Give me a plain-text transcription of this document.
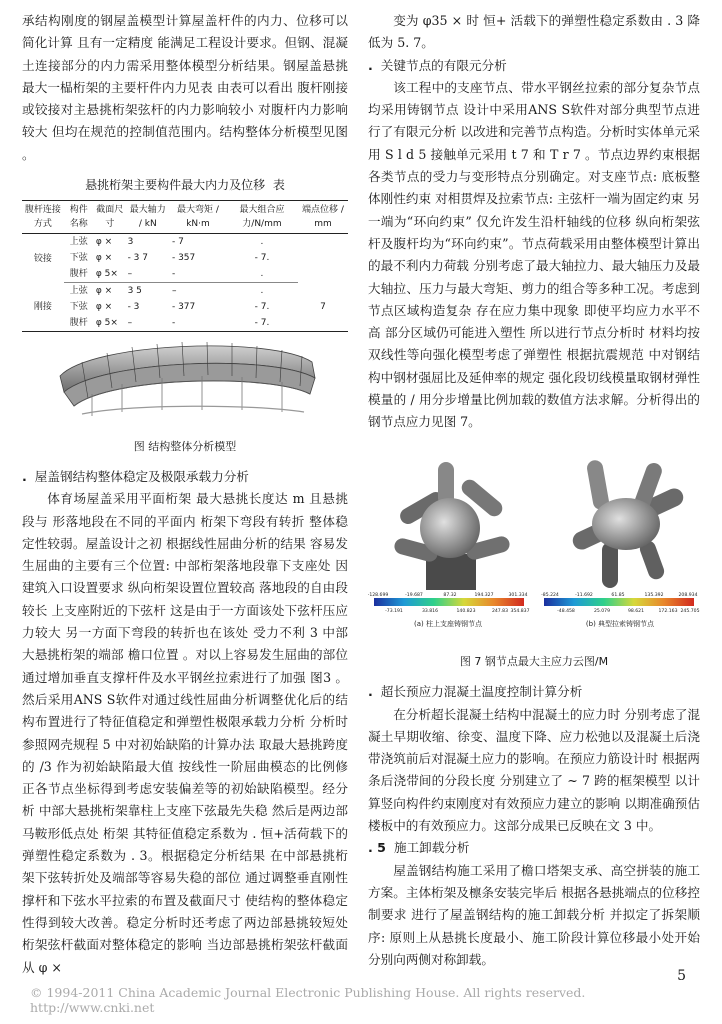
承结构刚度的钢屋盖模型计算屋盖杆件的内力、位移可以简化计算 且有一定精度 能满足工程设计要求。但钢、混凝土连接部分的内力需采用整体模型分析结果。钢屋盖悬挑最大一榀桁架的主要杆件内力见表 由表可以看出 腹杆刚接或铰接对主悬挑桁架弦杆的内力影响较小 对腹杆内力影响较大 但均在规范的控制值范围内。结构整体分析模型见图 。

悬挑桁架主要构件最大内力及位移 表
腹杆连接方式	构件名称	截面尺寸	最大轴力 / kN	最大弯矩 / kN·m	最大组合应力/N/mm	端点位移 / mm
铰接	上弦	φ ×	3	- 7	.	
	下弦	φ ×	- 3 7	- 357	- 7.	
	腹杆	φ 5×	–	-	.	
刚接	上弦	φ ×	3 5	–	.	7
	下弦	φ ×	- 3	- 377	- 7.	
	腹杆	φ 5×	–	-	- 7.	
图 结构整体分析模型

. 屋盖钢结构整体稳定及极限承载力分析

体育场屋盖采用平面桁架 最大悬挑长度达 m 且悬挑段与 形落地段在不同的平面内 桁架下弯段有转折 整体稳定性较弱。屋盖设计之初 根据线性屈曲分析的结果 容易发生屈曲的主要有三个位置: 中部桁架落地段靠下支座处 因建筑入口设置要求 纵向桁架设置位置较高 落地段的自由段较长 上支座附近的下弦杆 这是由于一方面该处下弦杆压应力较大 另一方面下弯段的转折也在该处 受力不利 3 中部大悬挑桁架的端部 檐口位置 。对以上容易发生屈曲的部位通过增加垂直支撑杆件及水平钢丝拉索进行了加强 图3 。然后采用ANS S软件对通过线性屈曲分析调整优化后的结构布置进行了特征值稳定和弹塑性极限承载力分析 分析时参照网壳规程 5 中对初始缺陷的计算办法 取最大悬挑跨度的 /3 作为初始缺陷最大值 按线性一阶屈曲模态的比例修正各节点坐标得到考虑安装偏差等的初始缺陷模型。经分析 中部大悬挑桁架靠柱上支座下弦最先失稳 然后是两边部 马鞍形低点处 桁架 其特征值稳定系数为 . 恒+活荷载下的弹塑性稳定系数为 . 3。根据稳定分析结果 在中部悬挑桁架下弦转折处及端部等容易失稳的部位 通过调整垂直刚性撑杆和下弦水平拉索的布置及截面尺寸 使结构的整体稳定性得到较大改善。稳定分析时还考虑了两边部悬挑较短处桁架弦杆截面对整体稳定的影响 当边部悬挑桁架弦杆截面从 φ ×

变为 φ35 × 时 恒+ 活载下的弹塑性稳定系数由 . 3 降低为 5. 7。

. 关键节点的有限元分析

该工程中的支座节点、带水平钢丝拉索的部分复杂节点均采用铸钢节点 设计中采用ANS S软件对部分典型节点进行了有限元分析 以改进和完善节点构造。分析时实体单元采用 S l d 5 接触单元采用 t 7 和 T r 7 。节点边界约束根据各类节点的受力与变形特点分别确定。对支座节点: 底板整体刚性约束 对相贯焊及拉索节点: 主弦杆一端为固定约束 另一端为“环向约束” 仅允许发生沿杆轴线的位移 纵向桁架弦杆及腹杆均为“环向约束”。节点荷载采用由整体模型计算出的最不利内力荷载 分别考虑了最大轴拉力、最大轴压力及最大轴拉、压力与最大弯矩、剪力的组合等多种工况。考虑到节点区域构造复杂 存在应力集中现象 即使平均应力水平不高 部分区域仍可能进入塑性 所以进行节点分析时 材料均按双线性等向强化模型考虑了弹塑性 根据抗震规范 中对钢结构中钢材强屈比及延伸率的规定 强化段切线模量取钢材弹性模量的 / 用分步增量比例加载的数值方法求解。分析得出的钢节点应力见图 7。

-128.699	-19.687	87.32	194.327	301.334
-73.191	33.816	140.823	247.83 354.837
-85.224	-11.692	61.85	135.392	208.934
-48.458	25.079	98.621	172.163 245.705
(a) 柱上支座铸钢节点	(b) 典型拉索铸钢节点
图 7 钢节点最大主应力云图/M

. 超长预应力混凝土温度控制计算分析

在分析超长混凝土结构中混凝土的应力时 分别考虑了混凝土早期收缩、徐变、温度下降、应力松弛以及混凝土后浇带浇筑前后对混凝土应力的影响。在预应力筋设计时 根据两条后浇带间的分段长度 分别建立了 ~ 7 跨的框架模型 以计算竖向构件约束刚度对有效预应力建立的影响 以期准确预估楼板中的有效预应力。这部分成果已反映在文 3 中。

. 5 施工卸载分析

屋盖钢结构施工采用了檐口塔架支承、高空拼装的施工方案。主体桁架及檩条安装完毕后 根据各悬挑端点的位移控制要求 进行了屋盖钢结构的施工卸载分析 并拟定了拆架顺序: 原则上从悬挑长度最小、施工阶段计算位移最小处开始分别向两侧对称卸载。

5
© 1994-2011 China Academic Journal Electronic Publishing House. All rights reserved. http://www.cnki.net
